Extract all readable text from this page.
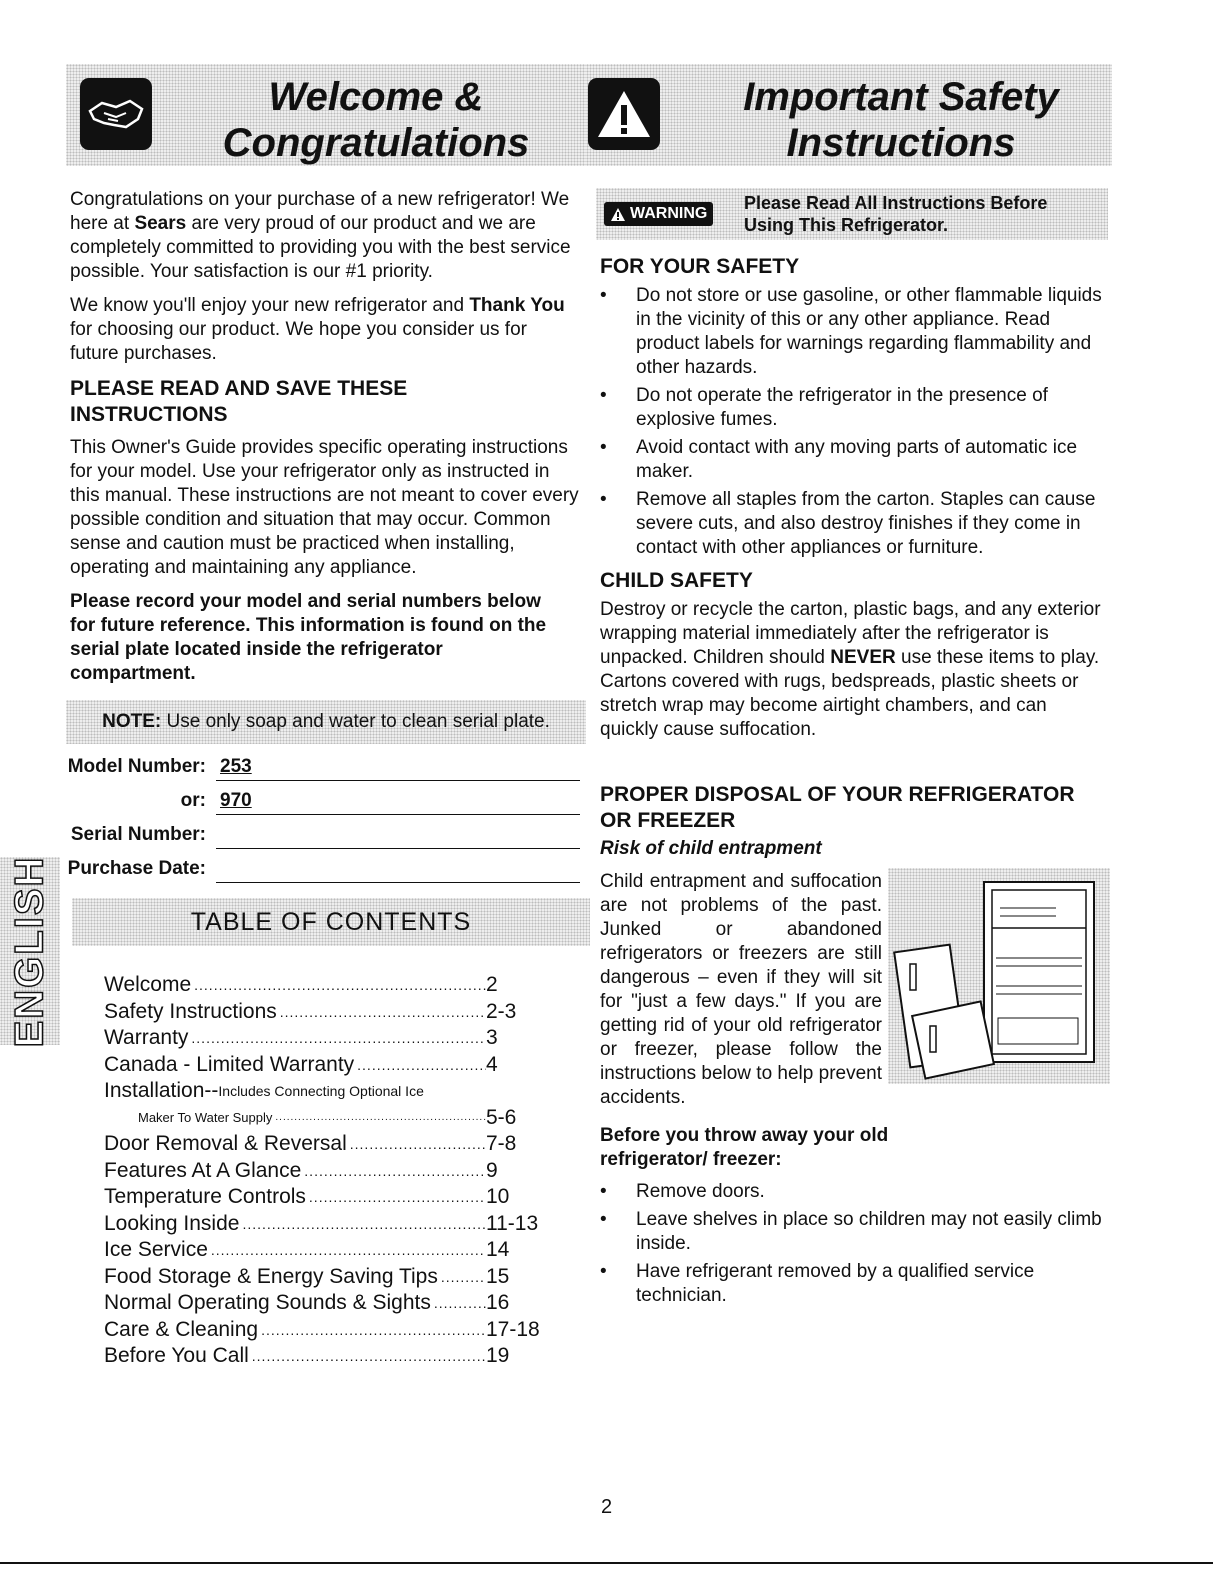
Welcome &
Congratulations
Important Safety
Instructions

Congratulations on your purchase of a new refrigerator! We here at Sears are very proud of our product and we are completely committed to providing you with the best service possible. Your satisfaction is our #1 priority.

We know you'll enjoy your new refrigerator and Thank You for choosing our product. We hope you consider us for future purchases.

PLEASE READ AND SAVE THESE INSTRUCTIONS

This Owner's Guide provides specific operating instructions for your model. Use your refrigerator only as instructed in this manual. These instructions are not meant to cover every possible condition and situation that may occur. Common sense and caution must be practiced when installing, operating and maintaining any appliance.

Please record your model and serial numbers below for future reference. This information is found on the serial plate located inside the refrigerator compartment.
NOTE: Use only soap and water to clean serial plate.
Model Number: 253
or: 970
Serial Number:
Purchase Date:
ENGLISH	TABLE OF CONTENTS
Welcome .....	2
Safety Instructions .....	2-3
Warranty .....	3
Canada - Limited Warranty .....	4
Installation-- Includes Connecting Optional Ice
Maker To Water Supply .....	5-6
Door Removal & Reversal .....	7-8
Features At A Glance .....	9
Temperature Controls .....	10
Looking Inside .....	11-13
Ice Service .....	14
Food Storage & Energy Saving Tips ..... 15
Normal Operating Sounds & Sights .....	16
Care & Cleaning .....	17-18
Before You Call .....	19
WARNING
Please Read All Instructions Before Using This Refrigerator.
FOR YOUR SAFETY
• Do not store or use gasoline, or other flammable liquids in the vicinity of this or any other appliance. Read product labels for warnings regarding flammability and other hazards.
• Do not operate the refrigerator in the presence of explosive fumes.
• Avoid contact with any moving parts of automatic ice maker.
• Remove all staples from the carton. Staples can cause severe cuts, and also destroy finishes if they come in contact with other appliances or furniture.
CHILD SAFETY

Destroy or recycle the carton, plastic bags, and any exterior wrapping material immediately after the refrigerator is unpacked. Children should NEVER use these items to play. Cartons covered with rugs, bedspreads, plastic sheets or stretch wrap may become airtight chambers, and can quickly cause suffocation.

PROPER DISPOSAL OF YOUR REFRIGERATOR OR FREEZER
Risk of child entrapment
Child entrapment and suffocation are not problems of the past. Junked or abandoned refrigerators or freezers are still dangerous – even if they will sit for "just a few days." If you are getting rid of your old refrigerator or freezer, please follow the instructions below to help prevent accidents.
Before you throw away your old refrigerator/ freezer:
• Remove doors.
• Leave shelves in place so children may not easily climb inside.
• Have refrigerant removed by a qualified service technician.
2
